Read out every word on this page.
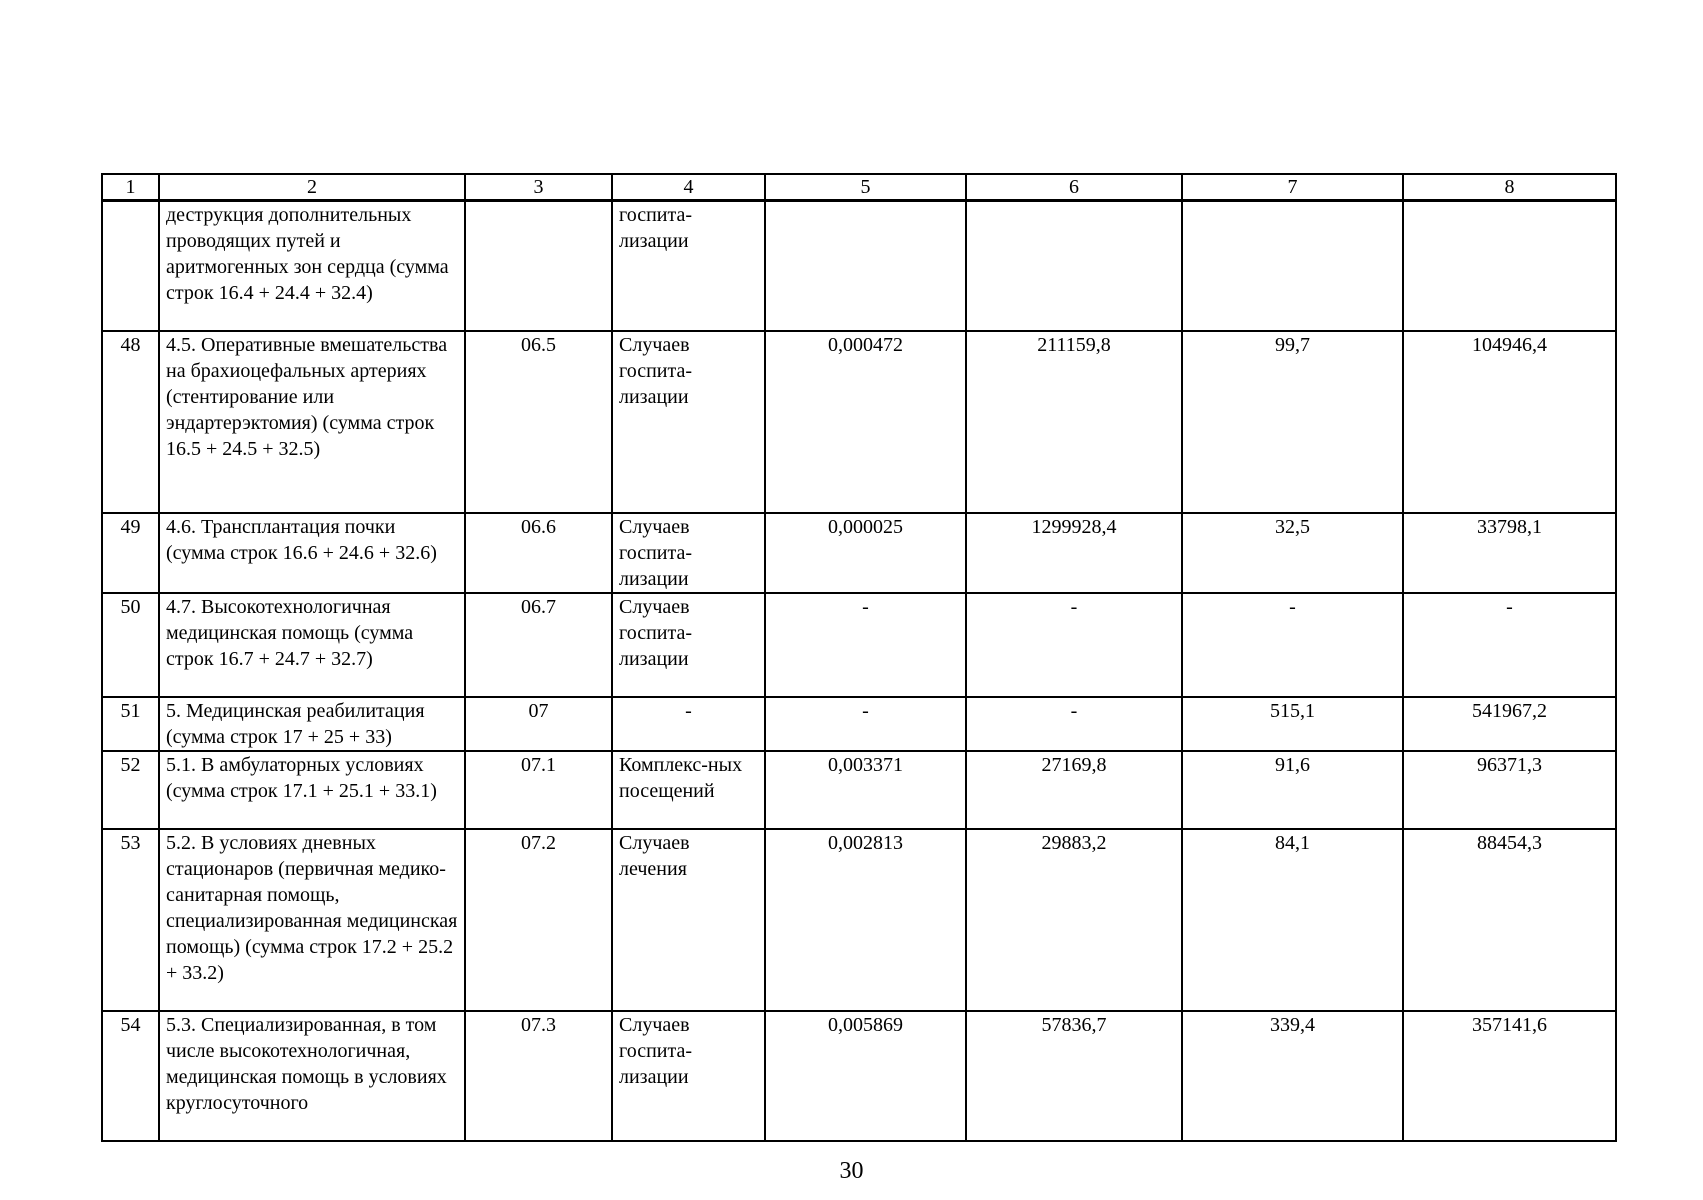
1	2	3	4	5	6	7	8
	деструкция дополнительных проводящих путей и аритмогенных зон сердца (сумма строк 16.4 + 24.4 + 32.4)		госпита-лизации				
48	4.5. Оперативные вмешательства на брахиоцефальных артериях (стентирование или эндартерэктомия) (сумма строк 16.5 + 24.5 + 32.5)	06.5	Случаев госпита-лизации	0,000472	211159,8	99,7	104946,4
49	4.6. Трансплантация почки (сумма строк 16.6 + 24.6 + 32.6)	06.6	Случаев госпита-лизации	0,000025	1299928,4	32,5	33798,1
50	4.7. Высокотехнологичная медицинская помощь (сумма строк 16.7 + 24.7 + 32.7)	06.7	Случаев госпита-лизации	-	-	-	-
51	5. Медицинская реабилитация (сумма строк 17 + 25 + 33)	07	-	-	-	515,1	541967,2
52	5.1. В амбулаторных условиях (сумма строк 17.1 + 25.1 + 33.1)	07.1	Комплекс-ных посещений	0,003371	27169,8	91,6	96371,3
53	5.2. В условиях дневных стационаров (первичная медико-санитарная помощь, специализированная медицинская помощь) (сумма строк 17.2 + 25.2 + 33.2)	07.2	Случаев лечения	0,002813	29883,2	84,1	88454,3
54	5.3. Специализированная, в том числе высокотехнологичная, медицинская помощь в условиях круглосуточного	07.3	Случаев госпита-лизации	0,005869	57836,7	339,4	357141,6
30
